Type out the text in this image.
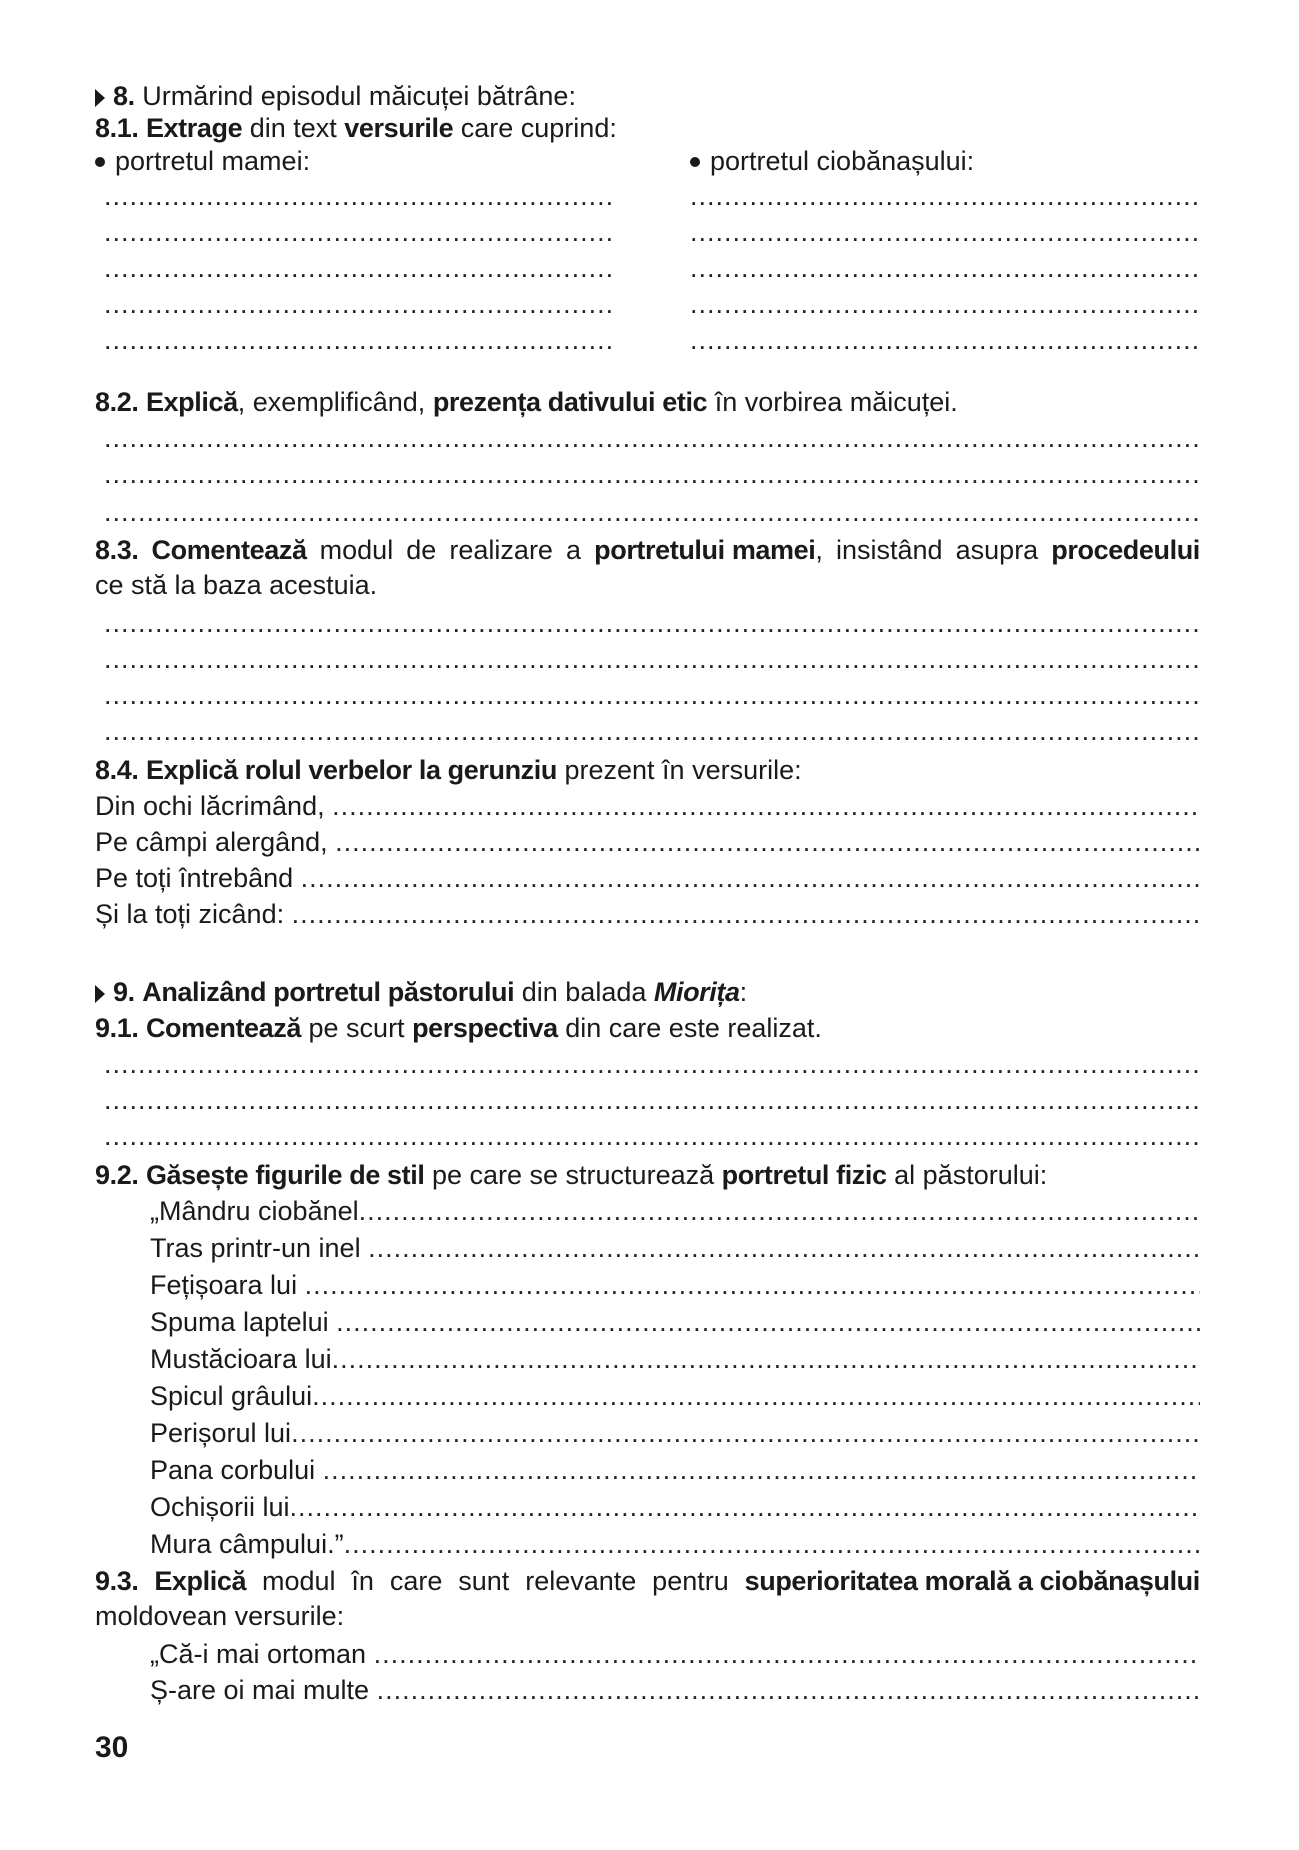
8. Urmărind episodul măicuței bătrâne:
8.1. Extrage din text versurile care cuprind:
portretul mamei:	portretul ciobănașului:
.....
.....
.....
.....
.....
.....
.....
.....
.....
.....
8.2. Explică, exemplificând, prezența dativului etic în vorbirea măicuței.
.....
.....
.....
8.3. Comentează modul de realizare a portretului mamei, insistând asupra procedeului
ce stă la baza acestuia.
.....
.....
.....
.....
8.4. Explică rolul verbelor la gerunziu prezent în versurile:
Din ochi lăcrimând,
.....
Pe câmpi alergând,
.....
Pe toți întrebând
.....
Și la toți zicând:
.....
9. Analizând portretul păstorului din balada Miorița:
9.1. Comentează pe scurt perspectiva din care este realizat.
.....
.....
.....
9.2. Găsește figurile de stil pe care se structurează portretul fizic al păstorului:
„Mândru ciobănel
.....
Tras printr-un inel
.....
Fețișoara lui
.....
Spuma laptelui
.....
Mustăcioara lui
.....
Spicul grâului
.....
Perișorul lui
.....
Pana corbului
.....
Ochișorii lui
.....
Mura câmpului.”
.....
9.3. Explică modul în care sunt relevante pentru superioritatea morală a ciobănașului
moldovean versurile:
„Că-i mai ortoman
.....
Ș-are oi mai multe
.....
30
